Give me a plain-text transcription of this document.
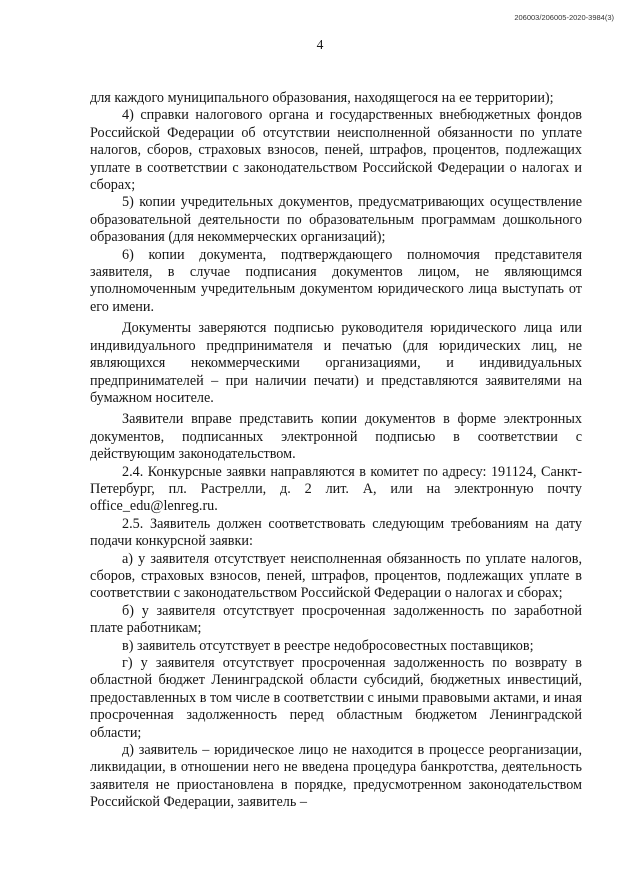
206003/206005-2020-3984(3)
4

для каждого муниципального образования, находящегося на ее территории);

4) справки налогового органа и государственных внебюджетных фондов Российской Федерации об отсутствии неисполненной обязанности по уплате налогов, сборов, страховых взносов, пеней, штрафов, процентов, подлежащих уплате в соответствии с законодательством Российской Федерации о налогах и сборах;

5) копии учредительных документов, предусматривающих осуществление образовательной деятельности по образовательным программам дошкольного образования (для некоммерческих организаций);

6) копии документа, подтверждающего полномочия представителя заявителя, в случае подписания документов лицом, не являющимся уполномоченным учредительным документом юридического лица выступать от его имени.

Документы заверяются подписью руководителя юридического лица или индивидуального предпринимателя и печатью (для юридических лиц, не являющихся некоммерческими организациями, и индивидуальных предпринимателей – при наличии печати) и представляются заявителями на бумажном носителе.

Заявители вправе представить копии документов в форме электронных документов, подписанных электронной подписью в соответствии с действующим законодательством.

2.4. Конкурсные заявки направляются в комитет по адресу: 191124, Санкт-Петербург, пл. Растрелли, д. 2 лит. А, или на электронную почту office_edu@lenreg.ru.

2.5. Заявитель должен соответствовать следующим требованиям на дату подачи конкурсной заявки:

а) у заявителя отсутствует неисполненная обязанность по уплате налогов, сборов, страховых взносов, пеней, штрафов, процентов, подлежащих уплате в соответствии с законодательством Российской Федерации о налогах и сборах;

б) у заявителя отсутствует просроченная задолженность по заработной плате работникам;

в) заявитель отсутствует в реестре недобросовестных поставщиков;

г) у заявителя отсутствует просроченная задолженность по возврату в областной бюджет Ленинградской области субсидий, бюджетных инвестиций, предоставленных в том числе в соответствии с иными правовыми актами, и иная просроченная задолженность перед областным бюджетом Ленинградской области;

д) заявитель – юридическое лицо не находится в процессе реорганизации, ликвидации, в отношении него не введена процедура банкротства, деятельность заявителя не приостановлена в порядке, предусмотренном законодательством Российской Федерации, заявитель –
